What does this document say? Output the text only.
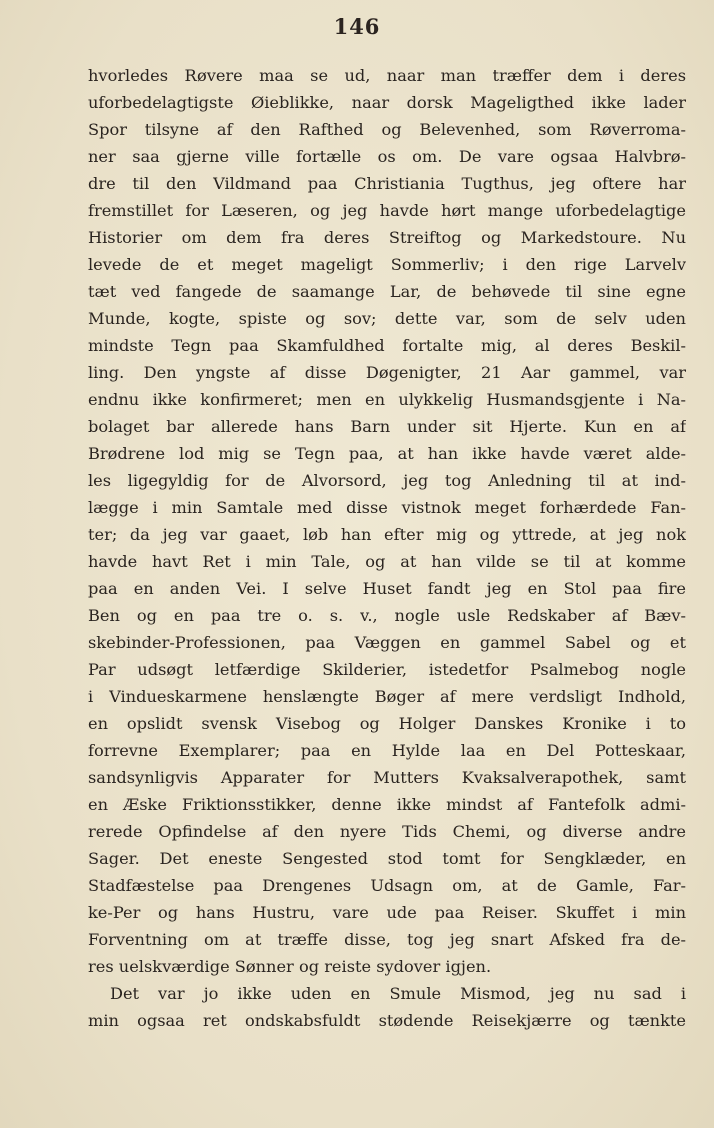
146
hvorledes Røvere maa se ud, naar man træffer dem i deres
uforbedelagtigste Øieblikke, naar dorsk Mageligthed ikke lader
Spor tilsyne af den Rafthed og Belevenhed, som Røverroma-
ner saa gjerne ville fortælle os om. De vare ogsaa Halvbrø-
dre til den Vildmand paa Christiania Tugthus, jeg oftere har
fremstillet for Læseren, og jeg havde hørt mange uforbedelagtige
Historier om dem fra deres Streiftog og Markedstoure. Nu
levede de et meget mageligt Sommerliv; i den rige Larvelv
tæt ved fangede de saamange Lar, de behøvede til sine egne
Munde, kogte, spiste og sov; dette var, som de selv uden
mindste Tegn paa Skamfuldhed fortalte mig, al deres Beskil-
ling. Den yngste af disse Døgenigter, 21 Aar gammel, var
endnu ikke konfirmeret; men en ulykkelig Husmandsgjente i Na-
bolaget bar allerede hans Barn under sit Hjerte. Kun en af
Brødrene lod mig se Tegn paa, at han ikke havde været alde-
les ligegyldig for de Alvorsord, jeg tog Anledning til at ind-
lægge i min Samtale med disse vistnok meget forhærdede Fan-
ter; da jeg var gaaet, løb han efter mig og yttrede, at jeg nok
havde havt Ret i min Tale, og at han vilde se til at komme
paa en anden Vei. I selve Huset fandt jeg en Stol paa fire
Ben og en paa tre o. s. v., nogle usle Redskaber af Bæv-
skebinder-Professionen, paa Væggen en gammel Sabel og et
Par udsøgt letfærdige Skilderier, istedetfor Psalmebog nogle
i Vindueskarmene henslængte Bøger af mere verdsligt Indhold,
en opslidt svensk Visebog og Holger Danskes Kronike i to
forrevne Exemplarer; paa en Hylde laa en Del Potteskaar,
sandsynligvis Apparater for Mutters Kvaksalverapothek, samt
en Æske Friktionsstikker, denne ikke mindst af Fantefolk admi-
rerede Opfindelse af den nyere Tids Chemi, og diverse andre
Sager. Det eneste Sengested stod tomt for Sengklæder, en
Stadfæstelse paa Drengenes Udsagn om, at de Gamle, Far-
ke-Per og hans Hustru, vare ude paa Reiser. Skuffet i min
Forventning om at træffe disse, tog jeg snart Afsked fra de-
res uelskværdige Sønner og reiste sydover igjen.
Det var jo ikke uden en Smule Mismod, jeg nu sad i
min ogsaa ret ondskabsfuldt stødende Reisekjærre og tænkte
